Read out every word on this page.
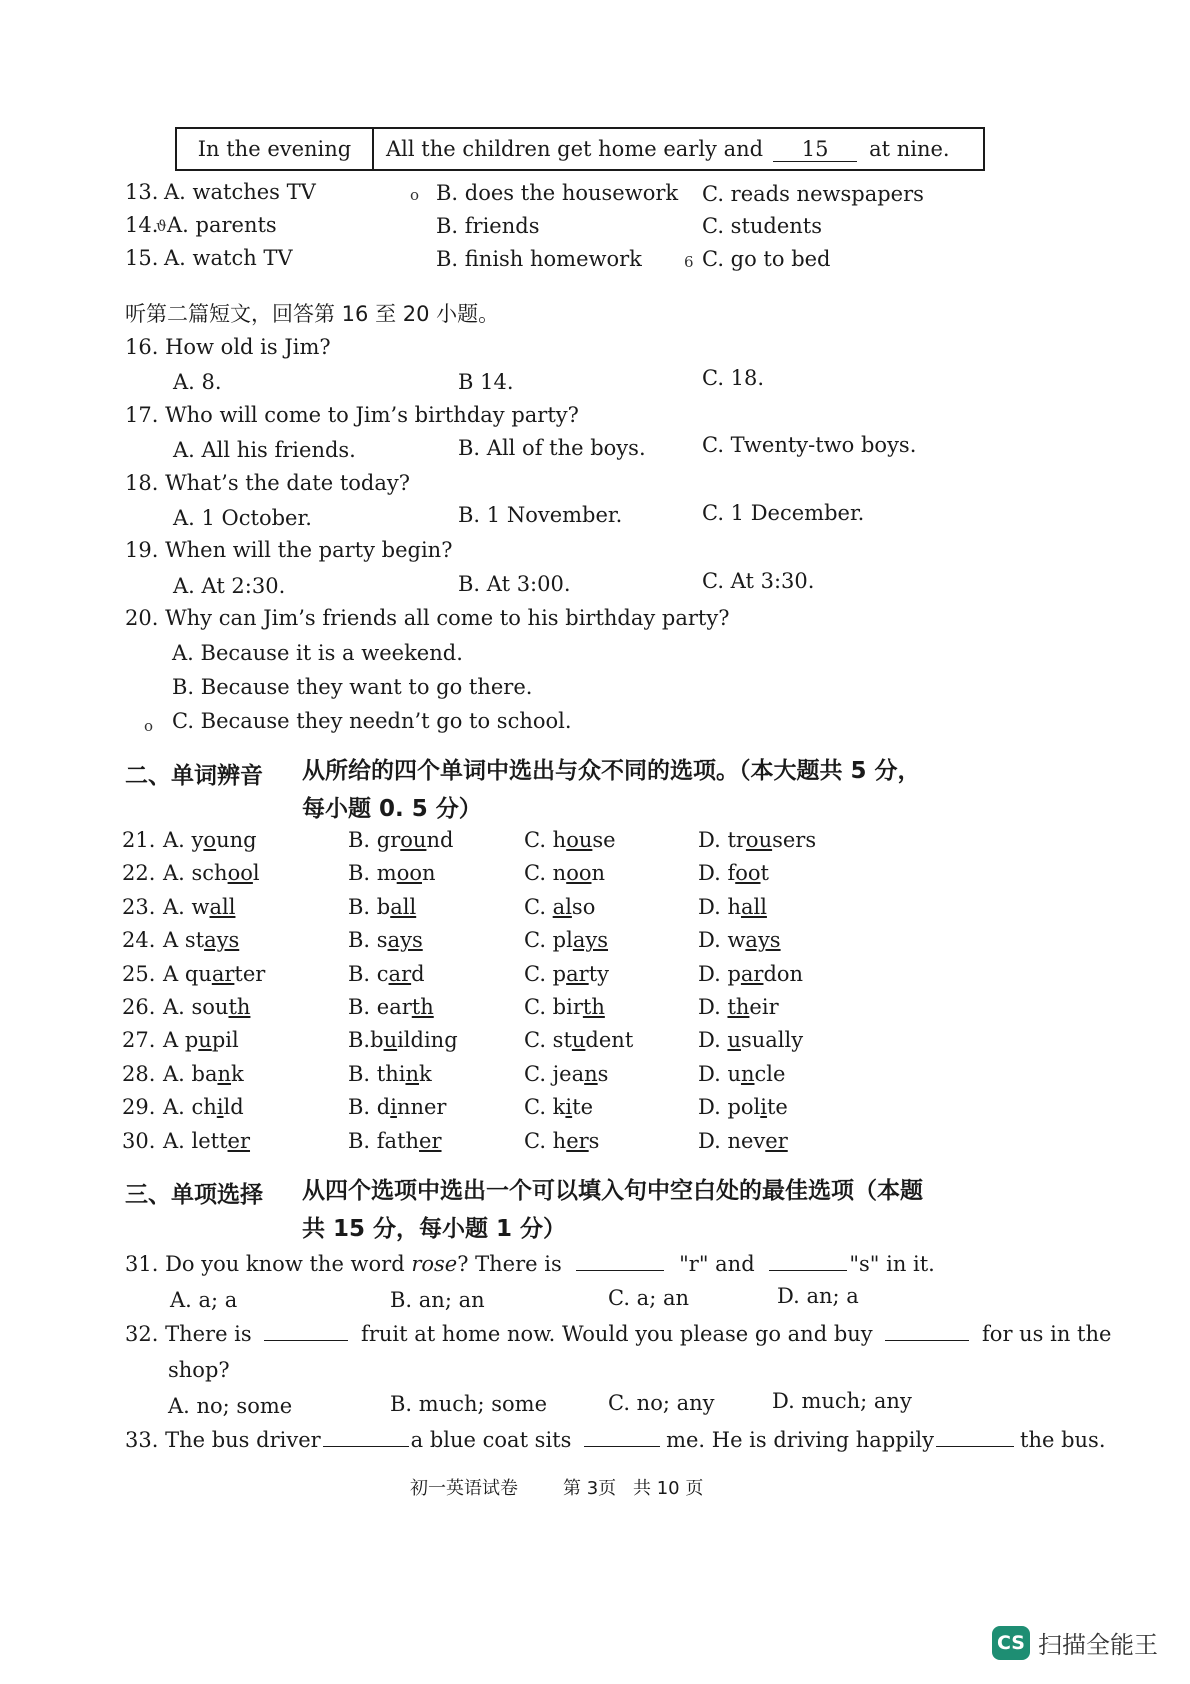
In the evening	All the children get home early and	15	at nine.
13. A. watches TV	o B. does the housework C. reads newspapers
14.
ϑ A. parents	B. friends	C. students
15. A. watch TV	B. finish homework	6 C. go to bed
听第二篇短文，回答第 16 至 20 小题。
16. How old is Jim?
A. 8.	B 14.	C. 18.
17. Who will come to Jim’s birthday party?
A. All his friends.	B. All of the boys.	C. Twenty-two boys.
18. What’s the date today?
A. 1 October.	B. 1 November.	C. 1 December.
19. When will the party begin?
A. At 2:30.	B. At 3:00.	C. At 3:30.
20. Why can Jim’s friends all come to his birthday party?
A. Because it is a weekend.
B. Because they want to go there.
o C. Because they needn’t go to school.
二、单词辨音 从所给的四个单词中选出与众不同的选项。（本大题共 5 分，
每小题 0. 5 分）
21. A. young	B. ground	C. house	D. trousers
22. A. school	B. moon	C. noon	D. foot
23. A. wall	B. ball	C. also	D. hall
24. A stays	B. says	C. plays	D. ways
25. A quarter	B. card	C. party	D. pardon
26. A. south	B. earth	C. birth	D. their
27. A pupil	B.building	C. student	D. usually
28. A. bank	B. think	C. jeans	D. uncle
29. A. child	B. dinner	C. kite	D. polite
30. A. letter	B. father	C. hers	D. never
三、单项选择 从四个选项中选出一个可以填入句中空白处的最佳选项（本题
共 15 分，每小题 1 分）
31. Do you know the word rose? There is	"r" and	"s" in it.
A. a; a	B. an; an	C. a; an	D. an; a
32. There is	fruit at home now. Would you please go and buy	for us in the
shop?
A. no; some	B. much; some	C. no; any	D. much; any
33. The bus driver	a blue coat sits	me. He is driving happily	the bus.
初一英语试卷	第 3页 共 10 页
CS 扫描全能王
